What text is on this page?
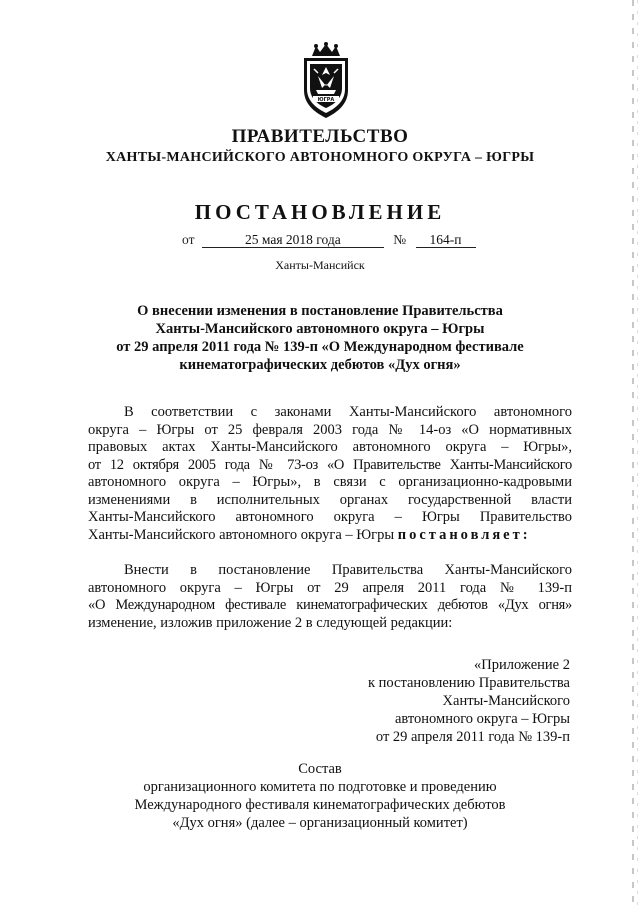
ЮГРА
ПРАВИТЕЛЬСТВО
ХАНТЫ-МАНСИЙСКОГО АВТОНОМНОГО ОКРУГА – ЮГРЫ
ПОСТАНОВЛЕНИЕ
от	25 мая 2018 года	№ 164-п
Ханты-Мансийск
О внесении изменения в постановление Правительства
Ханты-Мансийского автономного округа – Югры
от 29 апреля 2011 года № 139-п «О Международном фестивале
кинематографических дебютов «Дух огня»
В соответствии с законами Ханты-Мансийского автономного
округа – Югры от 25 февраля 2003 года № 14-оз «О нормативных
правовых актах Ханты-Мансийского автономного округа – Югры»,
от 12 октября 2005 года № 73-оз «О Правительстве Ханты-Мансийского
автономного округа – Югры», в связи с организационно-кадровыми
изменениями в исполнительных органах государственной власти
Ханты-Мансийского автономного округа – Югры Правительство
Ханты-Мансийского автономного округа – Югры постановляет:
Внести в постановление Правительства Ханты-Мансийского
автономного округа – Югры от 29 апреля 2011 года № 139-п
«О Международном фестивале кинематографических дебютов «Дух огня»
изменение, изложив приложение 2 в следующей редакции:
«Приложение 2
к постановлению Правительства
Ханты-Мансийского
автономного округа – Югры
от 29 апреля 2011 года № 139-п
Состав
организационного комитета по подготовке и проведению
Международного фестиваля кинематографических дебютов
«Дух огня» (далее – организационный комитет)
